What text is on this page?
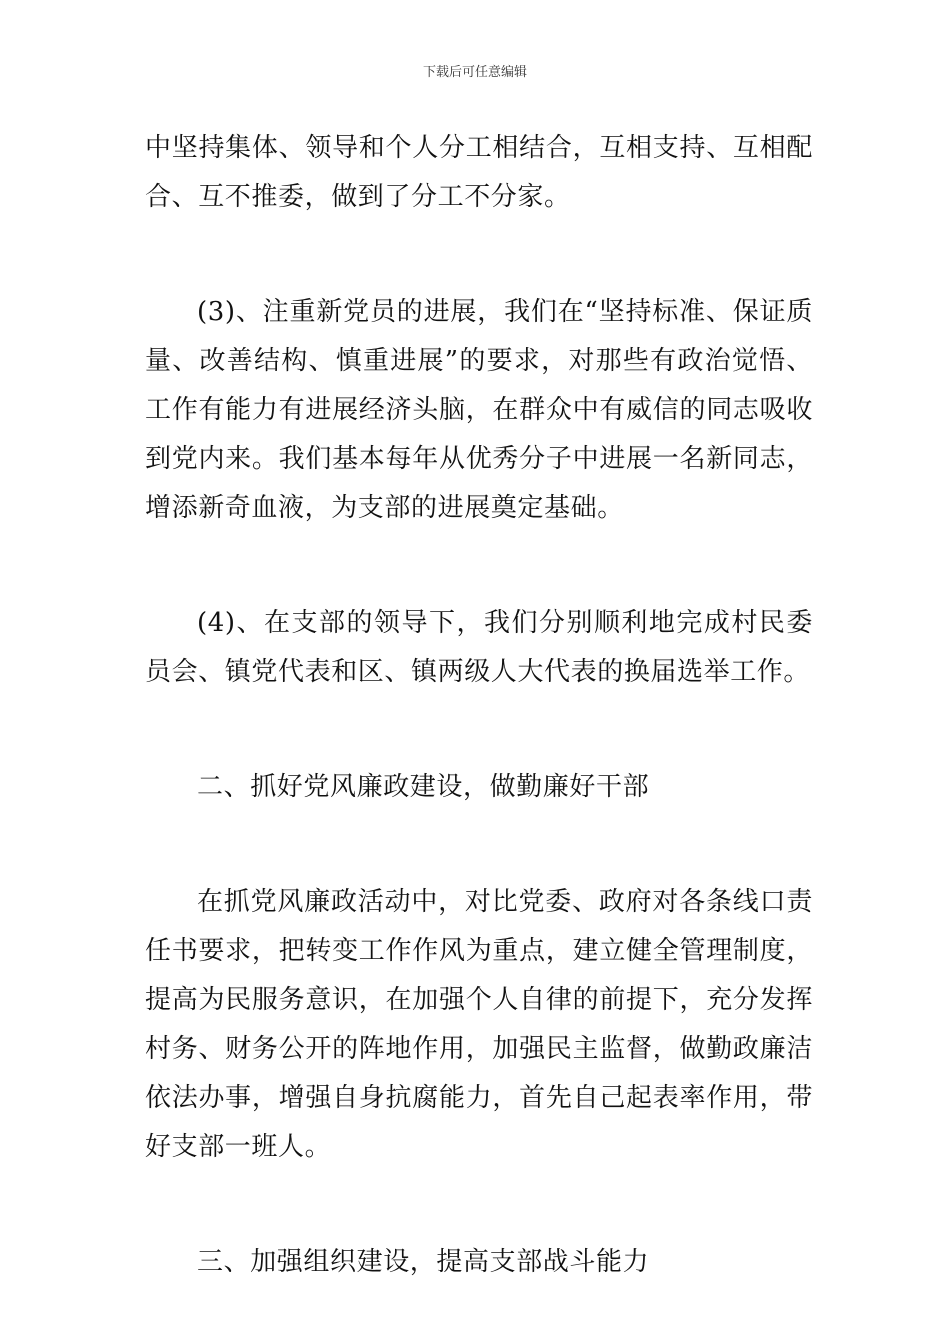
下载后可任意编辑

中坚持集体、领导和个人分工相结合，互相支持、互相配合、互不推委，做到了分工不分家。

(3)、注重新党员的进展，我们在“坚持标准、保证质量、改善结构、慎重进展”的要求，对那些有政治觉悟、工作有能力有进展经济头脑，在群众中有威信的同志吸收到党内来。我们基本每年从优秀分子中进展一名新同志，增添新奇血液，为支部的进展奠定基础。

(4)、在支部的领导下，我们分别顺利地完成村民委员会、镇党代表和区、镇两级人大代表的换届选举工作。

二、抓好党风廉政建设，做勤廉好干部

在抓党风廉政活动中，对比党委、政府对各条线口责任书要求，把转变工作作风为重点，建立健全管理制度，提高为民服务意识，在加强个人自律的前提下，充分发挥村务、财务公开的阵地作用，加强民主监督，做勤政廉洁依法办事，增强自身抗腐能力，首先自己起表率作用，带好支部一班人。

三、加强组织建设，提高支部战斗能力
